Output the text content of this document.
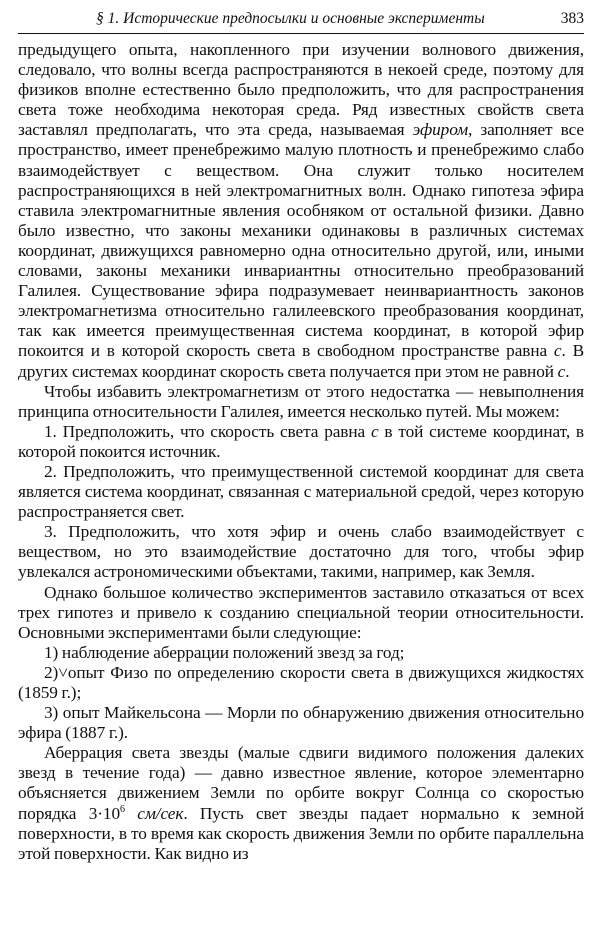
§ 1. Исторические предпосылки и основные эксперименты	383

предыдущего опыта, накопленного при изучении волнового движения, следовало, что волны всегда распространяются в некоей среде, поэтому для физиков вполне естественно было предположить, что для распространения света тоже необходима некоторая среда. Ряд известных свойств света заставлял предполагать, что эта среда, называемая эфиром, заполняет все пространство, имеет пренебрежимо малую плотность и пренебрежимо слабо взаимодействует с веществом. Она служит только носителем распространяющихся в ней электромагнитных волн. Однако гипотеза эфира ставила электромагнитные явления особняком от остальной физики. Давно было известно, что законы механики одинаковы в различных системах координат, движущихся равномерно одна относительно другой, или, иными словами, законы механики инвариантны относительно преобразований Галилея. Существование эфира подразумевает неинвариантность законов электромагнетизма относительно галилеевского преобразования координат, так как имеется преимущественная система координат, в которой эфир покоится и в которой скорость света в свободном пространстве равна с. В других системах координат скорость света получается при этом не равной с.

Чтобы избавить электромагнетизм от этого недостатка — невыполнения принципа относительности Галилея, имеется несколько путей. Мы можем:

1. Предположить, что скорость света равна с в той системе координат, в которой покоится источник.

2. Предположить, что преимущественной системой координат для света является система координат, связанная с материальной средой, через которую распространяется свет.

3. Предположить, что хотя эфир и очень слабо взаимодействует с веществом, но это взаимодействие достаточно для того, чтобы эфир увлекался астрономическими объектами, такими, например, как Земля.

Однако большое количество экспериментов заставило отказаться от всех трех гипотез и привело к созданию специальной теории относительности. Основными экспериментами были следующие:

1) наблюдение аберрации положений звезд за год;

2)˅опыт Физо по определению скорости света в движущихся жидкостях (1859 г.);

3) опыт Майкельсона — Морли по обнаружению движения относительно эфира (1887 г.).

Аберрация света звезды (малые сдвиги видимого положения далеких звезд в течение года) — давно известное явление, которое элементарно объясняется движением Земли по орбите вокруг Солнца со скоростью порядка $3\cdot 10^6$ см/сек. Пусть свет звезды падает нормально к земной поверхности, в то время как скорость движения Земли по орбите параллельна этой поверхности. Как видно из
